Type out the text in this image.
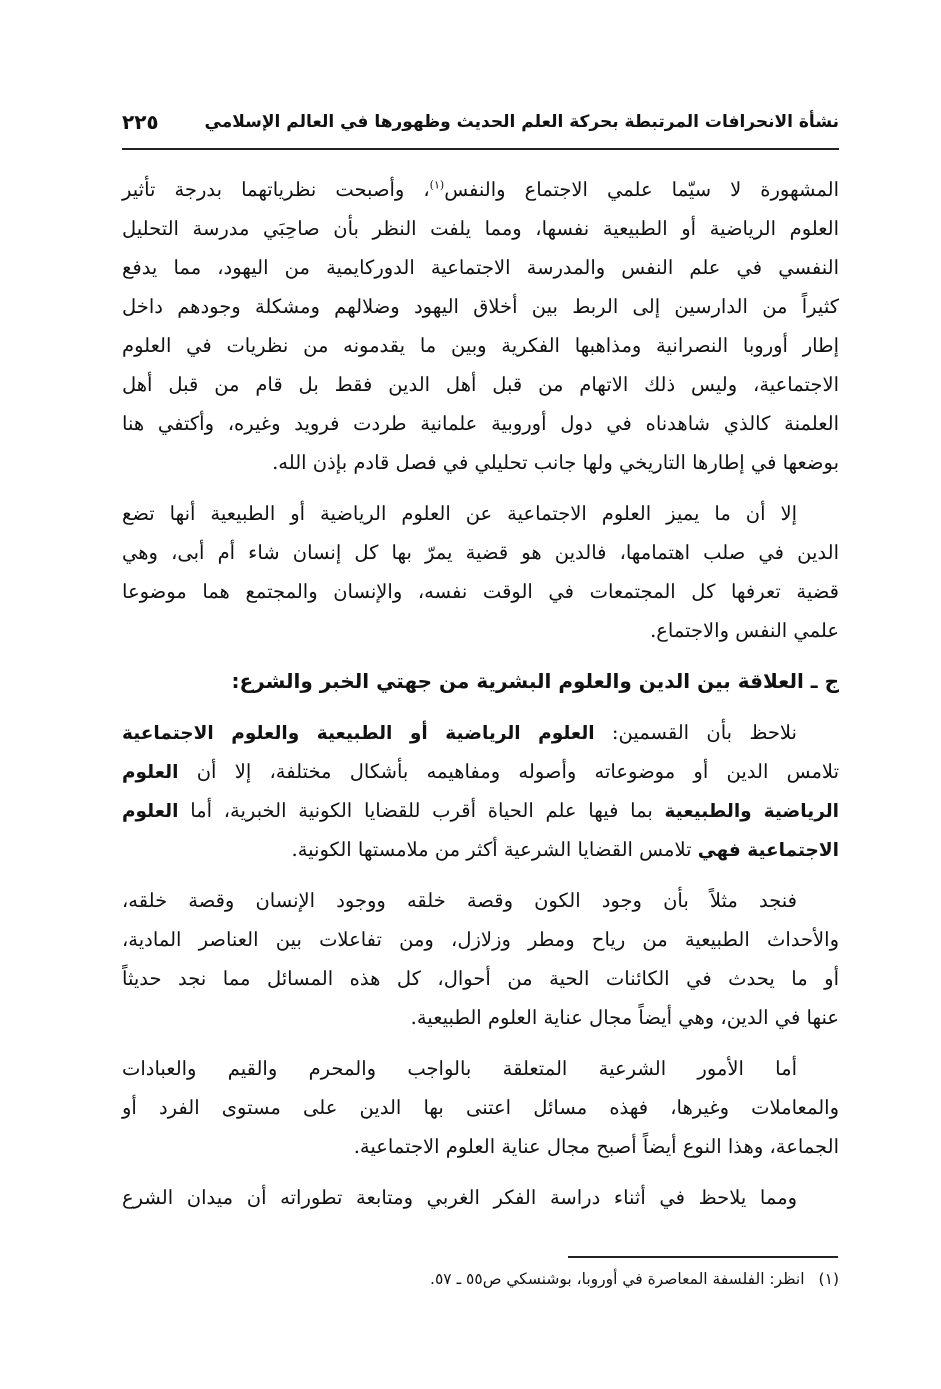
نشأة الانحرافات المرتبطة بحركة العلم الحديث وظهورها في العالم الإسلامي
٢٢٥
المشهورة لا سيّما علمي الاجتماع والنفس$^{(١)}$، وأصبحت نظرياتهما بدرجة تأثير
العلوم الرياضية أو الطبيعية نفسها، ومما يلفت النظر بأن صاحِبَي مدرسة التحليل
النفسي في علم النفس والمدرسة الاجتماعية الدوركايمية من اليهود، مما يدفع
كثيراً من الدارسين إلى الربط بين أخلاق اليهود وضلالهم ومشكلة وجودهم داخل
إطار أوروبا النصرانية ومذاهبها الفكرية وبين ما يقدمونه من نظريات في العلوم
الاجتماعية، وليس ذلك الاتهام من قبل أهل الدين فقط بل قام من قبل أهل
العلمنة كالذي شاهدناه في دول أوروبية علمانية طردت فرويد وغيره، وأكتفي هنا
بوضعها في إطارها التاريخي ولها جانب تحليلي في فصل قادم بإذن الله.
إلا أن ما يميز العلوم الاجتماعية عن العلوم الرياضية أو الطبيعية أنها تضع
الدين في صلب اهتمامها، فالدين هو قضية يمرّ بها كل إنسان شاء أم أبى، وهي
قضية تعرفها كل المجتمعات في الوقت نفسه، والإنسان والمجتمع هما موضوعا
علمي النفس والاجتماع.
ج ـ العلاقة بين الدين والعلوم البشرية من جهتي الخبر والشرع:
نلاحظ بأن القسمين: العلوم الرياضية أو الطبيعية والعلوم الاجتماعية
تلامس الدين أو موضوعاته وأصوله ومفاهيمه بأشكال مختلفة، إلا أن العلوم
الرياضية والطبيعية بما فيها علم الحياة أقرب للقضايا الكونية الخبرية، أما العلوم
الاجتماعية فهي تلامس القضايا الشرعية أكثر من ملامستها الكونية.
فنجد مثلاً بأن وجود الكون وقصة خلقه ووجود الإنسان وقصة خلقه،
والأحداث الطبيعية من رياح ومطر وزلازل، ومن تفاعلات بين العناصر المادية،
أو ما يحدث في الكائنات الحية من أحوال، كل هذه المسائل مما نجد حديثاً
عنها في الدين، وهي أيضاً مجال عناية العلوم الطبيعية.
أما الأمور الشرعية المتعلقة بالواجب والمحرم والقيم والعبادات
والمعاملات وغيرها، فهذه مسائل اعتنى بها الدين على مستوى الفرد أو
الجماعة، وهذا النوع أيضاً أصبح مجال عناية العلوم الاجتماعية.
ومما يلاحظ في أثناء دراسة الفكر الغربي ومتابعة تطوراته أن ميدان الشرع
(١)انظر: الفلسفة المعاصرة في أوروبا، بوشنسكي ص٥٥ ـ ٥٧.
